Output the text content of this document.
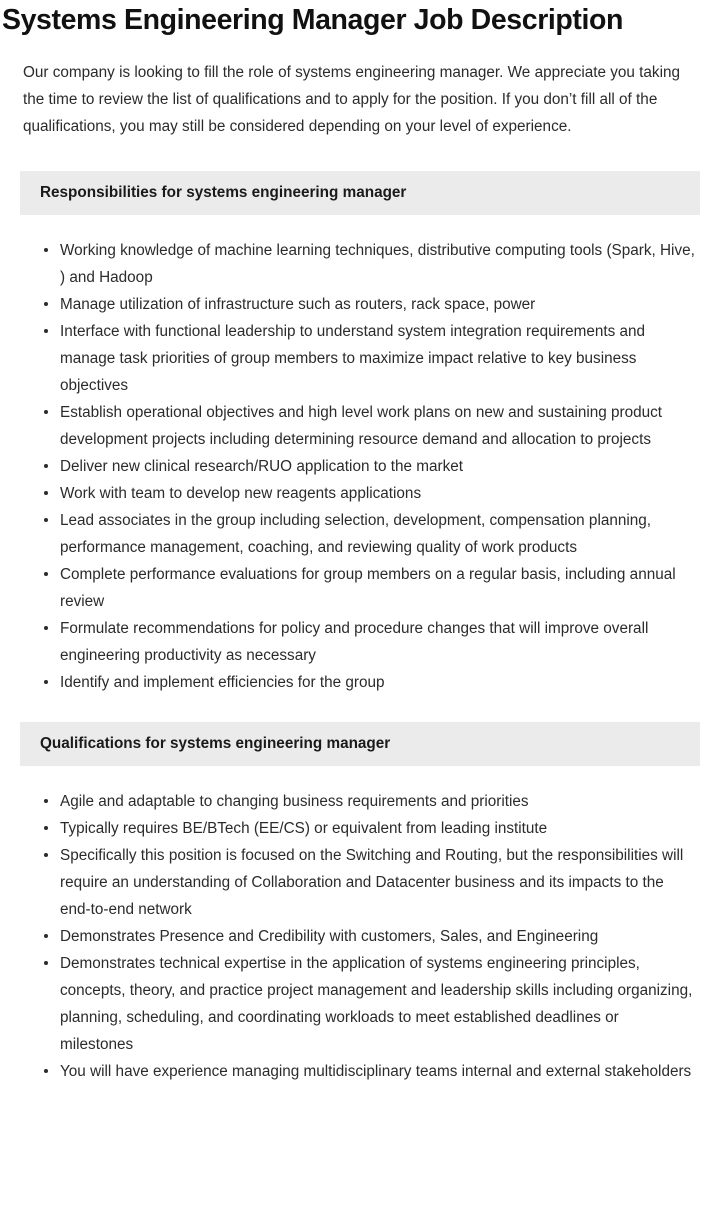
Systems Engineering Manager Job Description

Our company is looking to fill the role of systems engineering manager. We appreciate you taking the time to review the list of qualifications and to apply for the position. If you don’t fill all of the qualifications, you may still be considered depending on your level of experience.

Responsibilities for systems engineering manager
Working knowledge of machine learning techniques, distributive computing tools (Spark, Hive, ) and Hadoop
Manage utilization of infrastructure such as routers, rack space, power
Interface with functional leadership to understand system integration requirements and manage task priorities of group members to maximize impact relative to key business objectives
Establish operational objectives and high level work plans on new and sustaining product development projects including determining resource demand and allocation to projects
Deliver new clinical research/RUO application to the market
Work with team to develop new reagents applications
Lead associates in the group including selection, development, compensation planning, performance management, coaching, and reviewing quality of work products
Complete performance evaluations for group members on a regular basis, including annual review
Formulate recommendations for policy and procedure changes that will improve overall engineering productivity as necessary
Identify and implement efficiencies for the group
Qualifications for systems engineering manager
Agile and adaptable to changing business requirements and priorities
Typically requires BE/BTech (EE/CS) or equivalent from leading institute
Specifically this position is focused on the Switching and Routing, but the responsibilities will require an understanding of Collaboration and Datacenter business and its impacts to the end-to-end network
Demonstrates Presence and Credibility with customers, Sales, and Engineering
Demonstrates technical expertise in the application of systems engineering principles, concepts, theory, and practice project management and leadership skills including organizing, planning, scheduling, and coordinating workloads to meet established deadlines or milestones
You will have experience managing multidisciplinary teams internal and external stakeholders
